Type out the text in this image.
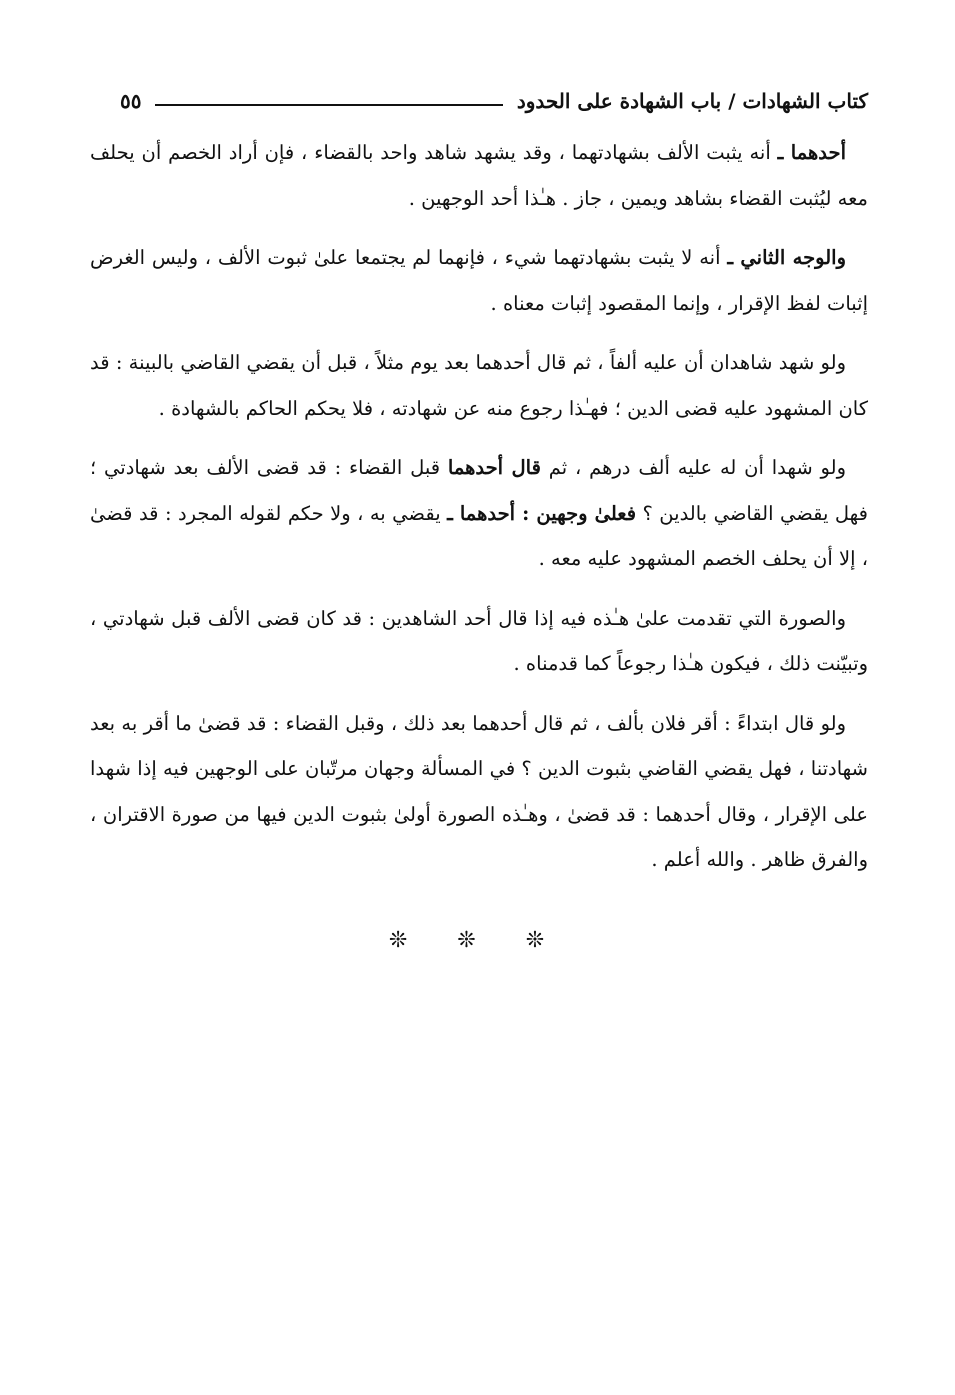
كتاب الشهادات / باب الشهادة على الحدود
٥٥

أحدهما ـ أنه يثبت الألف بشهادتهما ، وقد يشهد شاهد واحد بالقضاء ، فإن أراد الخصم أن يحلف معه ليُثبت القضاء بشاهد ويمين ، جاز . هـٰذا أحد الوجهين .

والوجه الثاني ـ أنه لا يثبت بشهادتهما شيء ، فإنهما لم يجتمعا علىٰ ثبوت الألف ، وليس الغرض إثبات لفظ الإقرار ، وإنما المقصود إثبات معناه .

ولو شهد شاهدان أن عليه ألفاً ، ثم قال أحدهما بعد يوم مثلاً ، قبل أن يقضي القاضي بالبينة : قد كان المشهود عليه قضى الدين ؛ فهـٰذا رجوع منه عن شهادته ، فلا يحكم الحاكم بالشهادة .

ولو شهدا أن له عليه ألف درهم ، ثم قال أحدهما قبل القضاء : قد قضى الألف بعد شهادتي ؛ فهل يقضي القاضي بالدين ؟ فعلىٰ وجهين : أحدهما ـ يقضي به ، ولا حكم لقوله المجرد : قد قضىٰ ، إلا أن يحلف الخصم المشهود عليه معه .

والصورة التي تقدمت علىٰ هـٰذه فيه إذا قال أحد الشاهدين : قد كان قضى الألف قبل شهادتي ، وتبيّنت ذلك ، فيكون هـٰذا رجوعاً كما قدمناه .

ولو قال ابتداءً : أقر فلان بألف ، ثم قال أحدهما بعد ذلك ، وقبل القضاء : قد قضىٰ ما أقر به بعد شهادتنا ، فهل يقضي القاضي بثبوت الدين ؟ في المسألة وجهان مرتّبان على الوجهين فيه إذا شهدا على الإقرار ، وقال أحدهما : قد قضىٰ ، وهـٰذه الصورة أولىٰ بثبوت الدين فيها من صورة الاقتران ، والفرق ظاهر . والله أعلم .

❊ ❊ ❊
